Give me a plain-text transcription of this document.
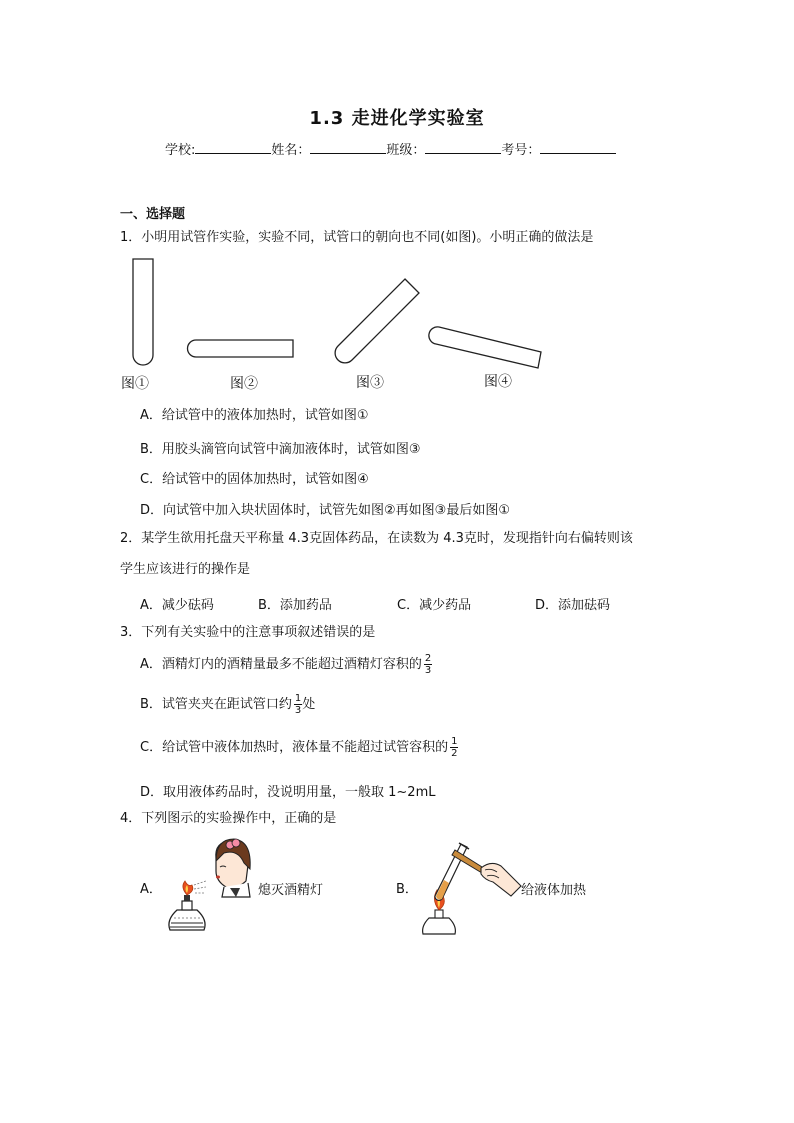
1.3 走进化学实验室
学校:	姓名：	班级：	考号：
一、选择题
1．小明用试管作实验，实验不同，试管口的朝向也不同(如图)。小明正确的做法是
图①	图②	图③	图④
A．给试管中的液体加热时，试管如图①
B．用胶头滴管向试管中滴加液体时，试管如图③
C．给试管中的固体加热时，试管如图④
D．向试管中加入块状固体时，试管先如图②再如图③最后如图①
2．某学生欲用托盘天平称量 4.3克固体药品，在读数为 4.3克时，发现指针向右偏转则该
学生应该进行的操作是
A．减少砝码	B．添加药品	C．减少药品	D．添加砝码
3．下列有关实验中的注意事项叙述错误的是
A．酒精灯内的酒精量最多不能超过酒精灯容积的 $\frac{2}{3}$
B．试管夹夹在距试管口约 $\frac{1}{3}$ 处
C．给试管中液体加热时，液体量不能超过试管容积的 $\frac{1}{2}$
D．取用液体药品时，没说明用量，一般取 1~2mL
4．下列图示的实验操作中，正确的是
A．	熄灭酒精灯	B．	给液体加热
